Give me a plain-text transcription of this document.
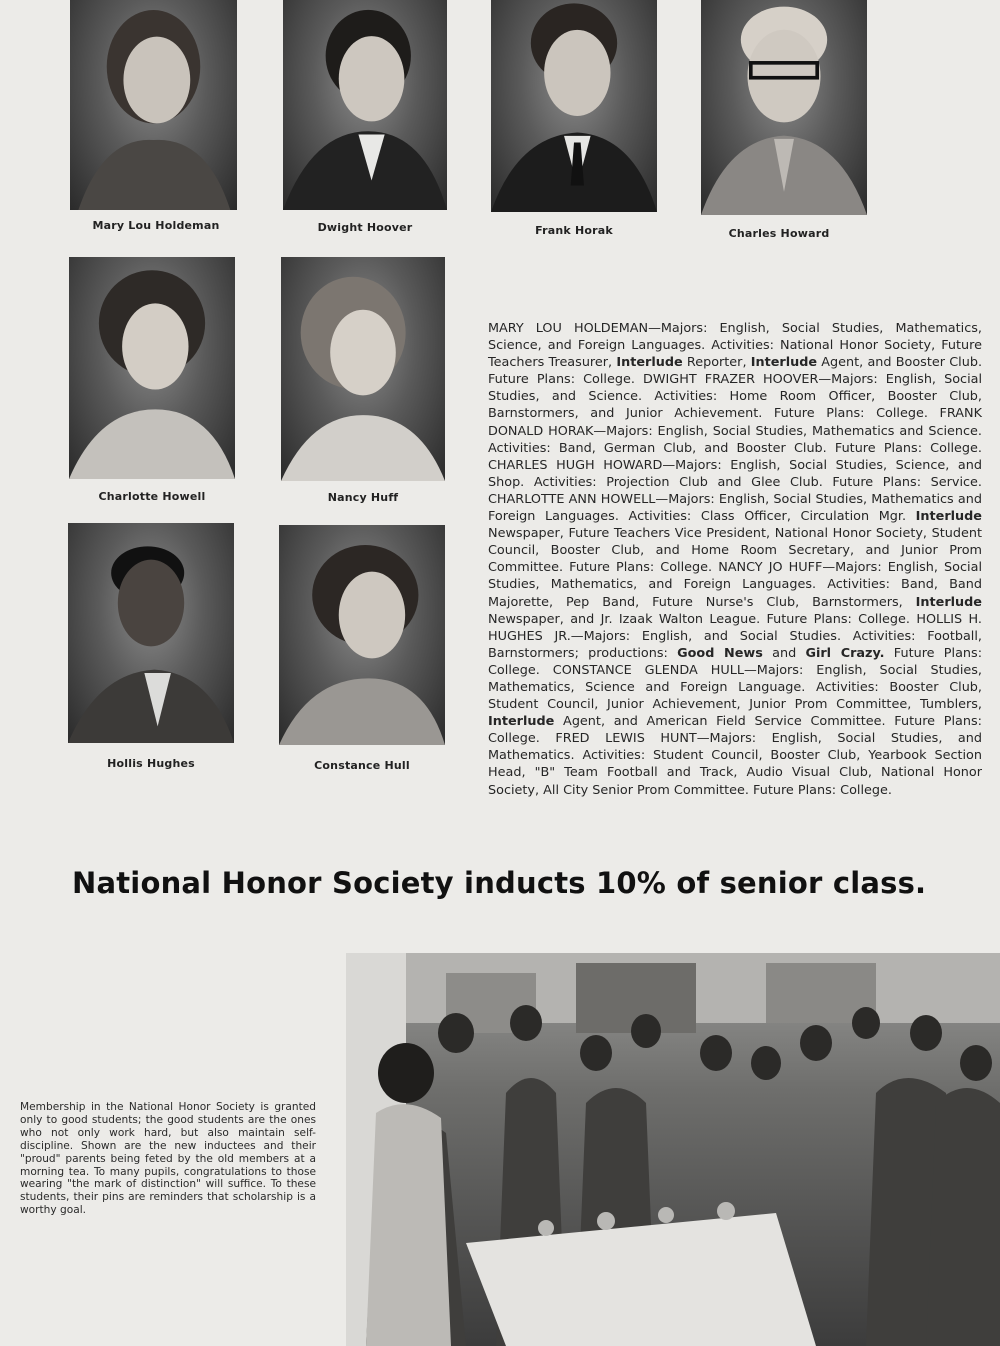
Mary Lou Holdeman	Dwight Hoover	Frank Horak	Charles Howard
Charlotte Howell	Nancy Huff
Hollis Hughes	Constance Hull
MARY LOU HOLDEMAN—Majors: English, Social Studies, Mathematics, Science, and Foreign Languages. Activities: National Honor Society, Future Teachers Treasurer, Interlude Reporter, Interlude Agent, and Booster Club. Future Plans: College. DWIGHT FRAZER HOOVER—Majors: English, Social Studies, and Science. Activities: Home Room Officer, Booster Club, Barnstormers, and Junior Achievement. Future Plans: College. FRANK DONALD HORAK—Majors: English, Social Studies, Mathematics and Science. Activities: Band, German Club, and Booster Club. Future Plans: College. CHARLES HUGH HOWARD—Majors: English, Social Studies, Science, and Shop. Activities: Projection Club and Glee Club. Future Plans: Service. CHARLOTTE ANN HOWELL—Majors: English, Social Studies, Mathematics and Foreign Languages. Activities: Class Officer, Circulation Mgr. Interlude Newspaper, Future Teachers Vice President, National Honor Society, Student Council, Booster Club, and Home Room Secretary, and Junior Prom Committee. Future Plans: College. NANCY JO HUFF—Majors: English, Social Studies, Mathematics, and Foreign Languages. Activities: Band, Band Majorette, Pep Band, Future Nurse's Club, Barnstormers, Interlude Newspaper, and Jr. Izaak Walton League. Future Plans: College. HOLLIS H. HUGHES JR.—Majors: English, and Social Studies. Activities: Football, Barnstormers; productions: Good News and Girl Crazy. Future Plans: College. CONSTANCE GLENDA HULL—Majors: English, Social Studies, Mathematics, Science and Foreign Language. Activities: Booster Club, Student Council, Junior Achievement, Junior Prom Committee, Tumblers, Interlude Agent, and American Field Service Committee. Future Plans: College. FRED LEWIS HUNT—Majors: English, Social Studies, and Mathematics. Activities: Student Council, Booster Club, Yearbook Section Head, "B" Team Football and Track, Audio Visual Club, National Honor Society, All City Senior Prom Committee. Future Plans: College.
National Honor Society inducts 10% of senior class.
Membership in the National Honor Society is granted only to good students; the good students are the ones who not only work hard, but also maintain self-discipline. Shown are the new inductees and their "proud" parents being feted by the old members at a morning tea. To many pupils, congratulations to those wearing "the mark of distinction" will suffice. To these students, their pins are reminders that scholarship is a worthy goal.
